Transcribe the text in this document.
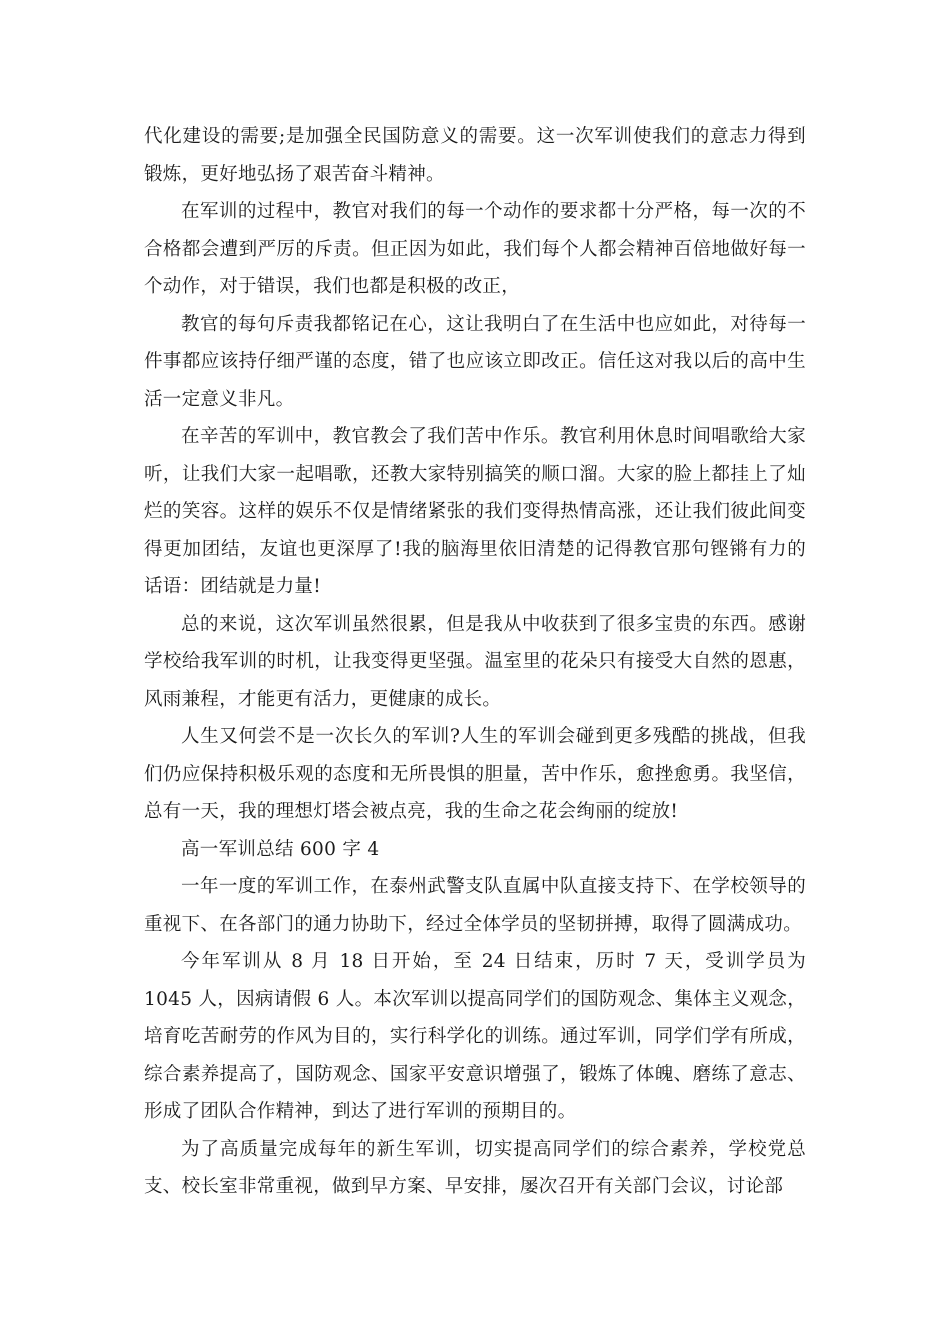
代化建设的需要;是加强全民国防意义的需要。这一次军训使我们的意志力得到锻炼，更好地弘扬了艰苦奋斗精神。

在军训的过程中，教官对我们的每一个动作的要求都十分严格，每一次的不合格都会遭到严厉的斥责。但正因为如此，我们每个人都会精神百倍地做好每一个动作，对于错误，我们也都是积极的改正，

教官的每句斥责我都铭记在心，这让我明白了在生活中也应如此，对待每一件事都应该持仔细严谨的态度，错了也应该立即改正。信任这对我以后的高中生活一定意义非凡。

在辛苦的军训中，教官教会了我们苦中作乐。教官利用休息时间唱歌给大家听，让我们大家一起唱歌，还教大家特别搞笑的顺口溜。大家的脸上都挂上了灿烂的笑容。这样的娱乐不仅是情绪紧张的我们变得热情高涨，还让我们彼此间变得更加团结，友谊也更深厚了!我的脑海里依旧清楚的记得教官那句铿锵有力的话语：团结就是力量!

总的来说，这次军训虽然很累，但是我从中收获到了很多宝贵的东西。感谢学校给我军训的时机，让我变得更坚强。温室里的花朵只有接受大自然的恩惠，风雨兼程，才能更有活力，更健康的成长。

人生又何尝不是一次长久的军训?人生的军训会碰到更多残酷的挑战，但我们仍应保持积极乐观的态度和无所畏惧的胆量，苦中作乐，愈挫愈勇。我坚信，总有一天，我的理想灯塔会被点亮，我的生命之花会绚丽的绽放!

高一军训总结 600 字 4

一年一度的军训工作，在泰州武警支队直属中队直接支持下、在学校领导的重视下、在各部门的通力协助下，经过全体学员的坚韧拼搏，取得了圆满成功。

今年军训从 8 月 18 日开始，至 24 日结束，历时 7 天，受训学员为 1045 人，因病请假 6 人。本次军训以提高同学们的国防观念、集体主义观念，培育吃苦耐劳的作风为目的，实行科学化的训练。通过军训，同学们学有所成，综合素养提高了，国防观念、国家平安意识增强了，锻炼了体魄、磨练了意志、形成了团队合作精神，到达了进行军训的预期目的。

为了高质量完成每年的新生军训，切实提高同学们的综合素养，学校党总支、校长室非常重视，做到早方案、早安排，屡次召开有关部门会议，讨论部
